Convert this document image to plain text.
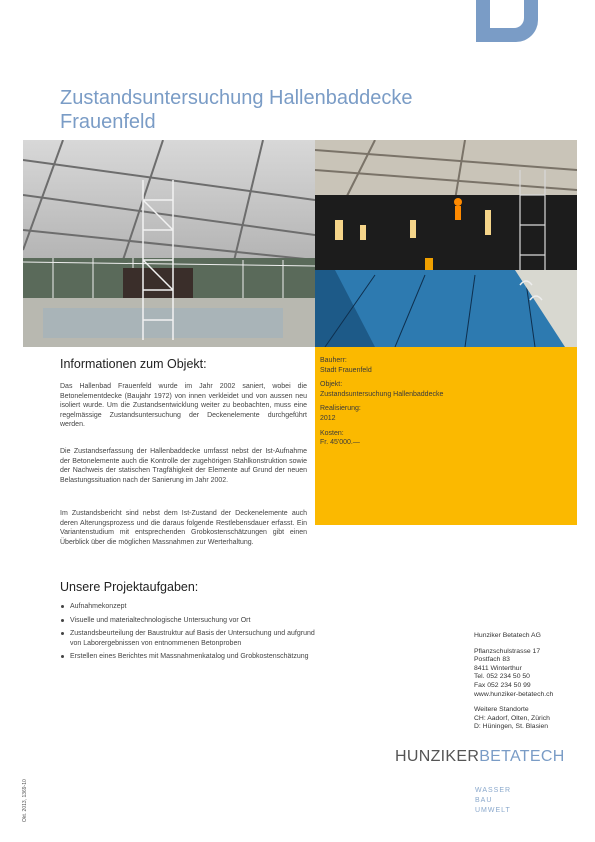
Zustandsuntersuchung Hallenbaddecke
Frauenfeld
Bauherr:
Stadt Frauenfeld
Objekt:
Zustandsuntersuchung Hallenbaddecke
Realisierung:
2012
Kosten:
Fr. 45'000.—
Informationen zum Objekt:

Das Hallenbad Frauenfeld wurde im Jahr 2002 saniert, wobei die Betonelementdecke (Baujahr 1972) von innen verkleidet und von aussen neu isoliert wurde. Um die Zustandsentwicklung weiter zu beobachten, muss eine regelmässige Zustandsuntersuchung der Deckenelemente durchgeführt werden.

Die Zustandserfassung der Hallenbaddecke umfasst nebst der Ist-Aufnahme der Betonelemente auch die Kontrolle der zugehörigen Stahlkonstruktion sowie der Nachweis der statischen Tragfähigkeit der Elemente auf Grund der neuen Belastungssituation nach der Sanierung im Jahr 2002.

Im Zustandsbericht sind nebst dem Ist-Zustand der Deckenelemente auch deren Alterungsprozess und die daraus folgende Restlebensdauer erfasst. Ein Variantenstudium mit entsprechenden Grobkostenschätzungen gibt einen Überblick über die möglichen Massnahmen zur Werterhaltung.

Unsere Projektaufgaben:
Aufnahmekonzept
Visuelle und materialtechnologische Untersuchung vor Ort
Zustandsbeurteilung der Baustruktur auf Basis der Untersuchung und aufgrund von Laborergebnissen von entnommenen Betonproben
Erstellen eines Berichtes mit Massnahmenkatalog und Grobkostenschätzung
Hunziker Betatech AG
Pflanzschulstrasse 17
Postfach 83
8411 Winterthur
Tel. 052 234 50 50
Fax 052 234 50 99
www.hunziker-betatech.ch
Weitere Standorte
CH: Aadorf, Olten, Zürich
D: Hüningen, St. Blasien
HUNZIKERBETATECH
WASSER
BAU
UMWELT
Okt. 2013, 1369-10
